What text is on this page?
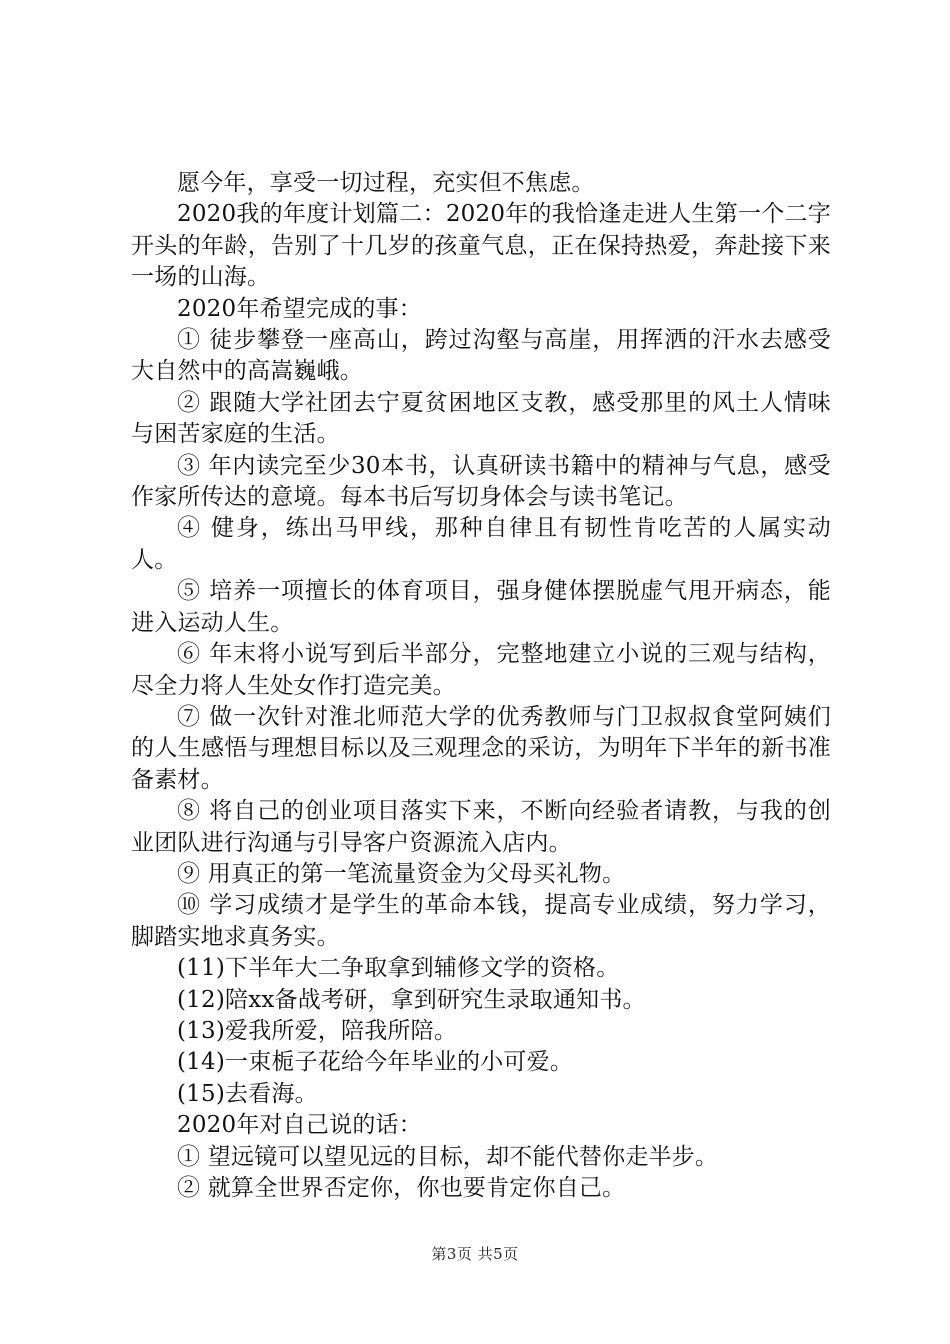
愿今年，享受一切过程，充实但不焦虑。

2020我的年度计划篇二：2020年的我恰逢走进人生第一个二字开头的年龄，告别了十几岁的孩童气息，正在保持热爱，奔赴接下来一场的山海。

2020年希望完成的事：

① 徒步攀登一座高山，跨过沟壑与高崖，用挥洒的汗水去感受大自然中的高嵩巍峨。

② 跟随大学社团去宁夏贫困地区支教，感受那里的风土人情味与困苦家庭的生活。

③ 年内读完至少30本书，认真研读书籍中的精神与气息，感受作家所传达的意境。每本书后写切身体会与读书笔记。

④ 健身，练出马甲线，那种自律且有韧性肯吃苦的人属实动人。

⑤ 培养一项擅长的体育项目，强身健体摆脱虚气甩开病态，能进入运动人生。

⑥ 年末将小说写到后半部分，完整地建立小说的三观与结构，尽全力将人生处女作打造完美。

⑦ 做一次针对淮北师范大学的优秀教师与门卫叔叔食堂阿姨们的人生感悟与理想目标以及三观理念的采访，为明年下半年的新书准备素材。

⑧ 将自己的创业项目落实下来，不断向经验者请教，与我的创业团队进行沟通与引导客户资源流入店内。

⑨ 用真正的第一笔流量资金为父母买礼物。

⑩ 学习成绩才是学生的革命本钱，提高专业成绩，努力学习，脚踏实地求真务实。

(11)下半年大二争取拿到辅修文学的资格。

(12)陪xx备战考研，拿到研究生录取通知书。

(13)爱我所爱，陪我所陪。

(14)一束栀子花给今年毕业的小可爱。

(15)去看海。

2020年对自己说的话：

① 望远镜可以望见远的目标，却不能代替你走半步。

② 就算全世界否定你，你也要肯定你自己。

第3页 共5页
